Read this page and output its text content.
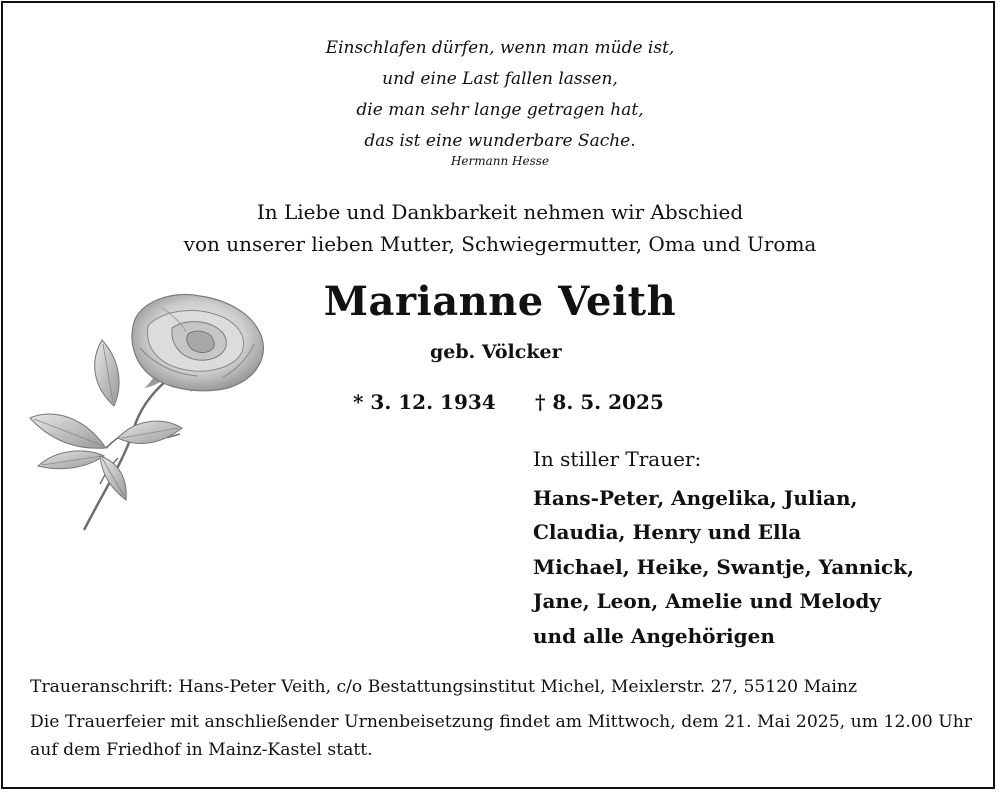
Einschlafen dürfen, wenn man müde ist,
und eine Last fallen lassen,
die man sehr lange getragen hat,
das ist eine wunderbare Sache.
Hermann Hesse
In Liebe und Dankbarkeit nehmen wir Abschied
von unserer lieben Mutter, Schwiegermutter, Oma und Uroma
Marianne Veith
geb. Völcker
* 3. 12. 1934 † 8. 5. 2025
In stiller Trauer:
Hans-Peter, Angelika, Julian,
Claudia, Henry und Ella
Michael, Heike, Swantje, Yannick,
Jane, Leon, Amelie und Melody
und alle Angehörigen
Traueranschrift: Hans-Peter Veith, c/o Bestattungsinstitut Michel, Meixlerstr. 27, 55120 Mainz
Die Trauerfeier mit anschließender Urnenbeisetzung findet am Mittwoch, dem 21. Mai 2025, um 12.00 Uhr auf dem Friedhof in Mainz-Kastel statt.
